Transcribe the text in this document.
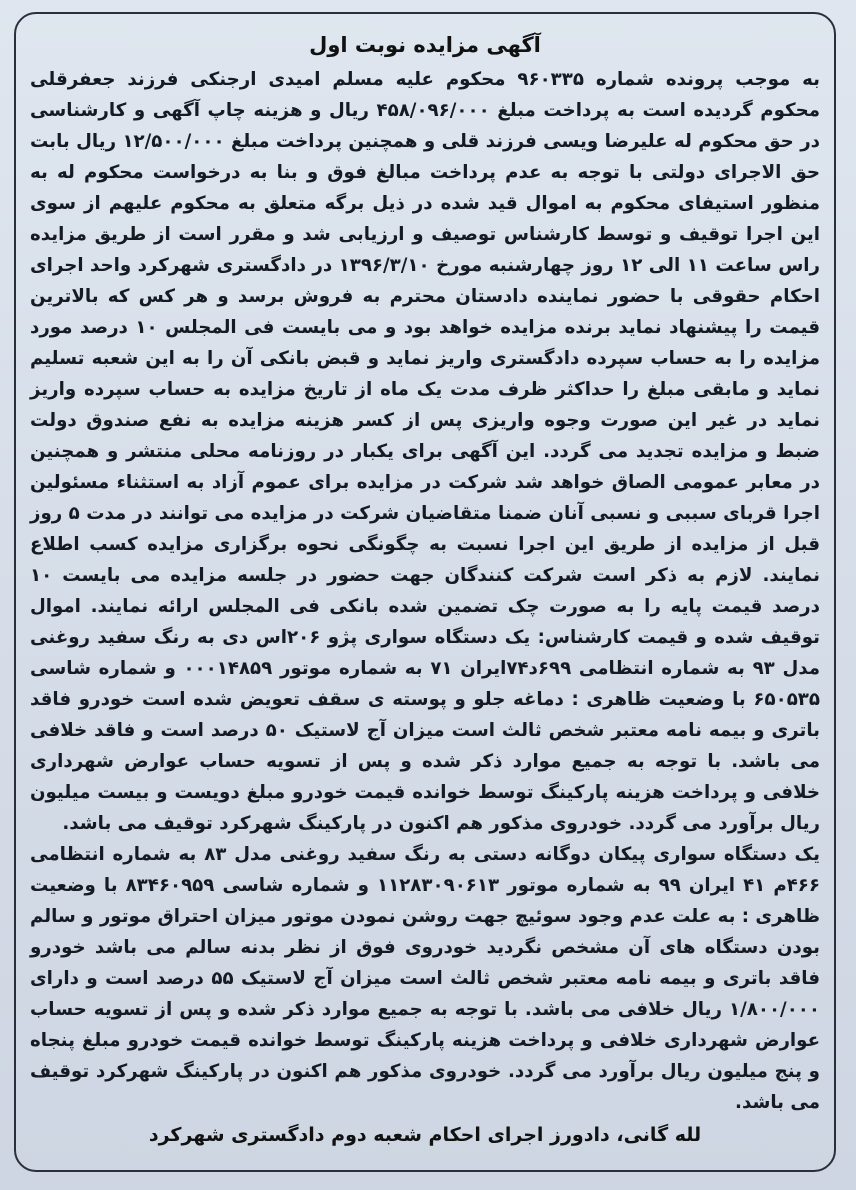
آگهی مزایده نوبت اول

به موجب پرونده شماره ۹۶۰۳۳۵ محکوم علیه مسلم امیدی ارجنکی فرزند جعفرقلی محکوم گردیده است به پرداخت مبلغ ۴۵۸/۰۹۶/۰۰۰ ریال و هزینه چاپ آگهی و کارشناسی در حق محکوم له علیرضا ویسی فرزند قلی و همچنین پرداخت مبلغ ۱۲/۵۰۰/۰۰۰ ریال بابت حق الاجرای دولتی با توجه به عدم پرداخت مبالغ فوق و بنا به درخواست محکوم له به منظور استیفای محکوم به اموال قید شده در ذیل برگه متعلق به محکوم علیهم از سوی این اجرا توقیف و توسط کارشناس توصیف و ارزیابی شد و مقرر است از طریق مزایده راس ساعت ۱۱ الی ۱۲ روز چهارشنبه مورخ ۱۳۹۶/۳/۱۰ در دادگستری شهرکرد واحد اجرای احکام حقوقی با حضور نماینده دادستان محترم به فروش برسد و هر کس که بالاترین قیمت را پیشنهاد نماید برنده مزایده خواهد بود و می بایست فی المجلس ۱۰ درصد مورد مزایده را به حساب سپرده دادگستری واریز نماید و قبض بانکی آن را به این شعبه تسلیم نماید و مابقی مبلغ را حداکثر ظرف مدت یک ماه از تاریخ مزایده به حساب سپرده واریز نماید در غیر این صورت وجوه واریزی پس از کسر هزینه مزایده به نفع صندوق دولت ضبط و مزایده تجدید می گردد. این آگهی برای یکبار در روزنامه محلی منتشر و همچنین در معابر عمومی الصاق خواهد شد شرکت در مزایده برای عموم آزاد به استثناء مسئولین اجرا قربای سببی و نسبی آنان ضمنا متقاضیان شرکت در مزایده می توانند در مدت ۵ روز قبل از مزایده از طریق این اجرا نسبت به چگونگی نحوه برگزاری مزایده کسب اطلاع نمایند. لازم به ذکر است شرکت کنندگان جهت حضور در جلسه مزایده می بایست ۱۰ درصد قیمت پایه را به صورت چک تضمین شده بانکی فی المجلس ارائه نمایند. اموال توقیف شده و قیمت کارشناس: یک دستگاه سواری پژو ۲۰۶اس دی به رنگ سفید روغنی مدل ۹۳ به شماره انتظامی ۶۹۹د۷۴ایران ۷۱ به شماره موتور ۰۰۰۱۴۸۵۹ و شماره شاسی ۶۵۰۵۳۵ با وضعیت ظاهری : دماغه جلو و پوسته ی سقف تعویض شده است خودرو فاقد باتری و بیمه نامه معتبر شخص ثالث است میزان آج لاستیک ۵۰ درصد است و فاقد خلافی می باشد. با توجه به جمیع موارد ذکر شده و پس از تسویه حساب عوارض شهرداری خلافی و پرداخت هزینه پارکینگ توسط خوانده قیمت خودرو مبلغ دویست و بیست میلیون ریال برآورد می گردد. خودروی مذکور هم اکنون در پارکینگ شهرکرد توقیف می باشد.
یک دستگاه سواری پیکان دوگانه دستی به رنگ سفید روغنی مدل ۸۳ به شماره انتظامی ۴۶۶م ۴۱ ایران ۹۹ به شماره موتور ۱۱۲۸۳۰۹۰۶۱۳ و شماره شاسی ۸۳۴۶۰۹۵۹ با وضعیت ظاهری : به علت عدم وجود سوئیچ جهت روشن نمودن موتور میزان احتراق موتور و سالم بودن دستگاه های آن مشخص نگردید خودروی فوق از نظر بدنه سالم می باشد خودرو فاقد باتری و بیمه نامه معتبر شخص ثالث است میزان آج لاستیک ۵۵ درصد است و دارای ۱/۸۰۰/۰۰۰ ریال خلافی می باشد. با توجه به جمیع موارد ذکر شده و پس از تسویه حساب عوارض شهرداری خلافی و پرداخت هزینه پارکینگ توسط خوانده قیمت خودرو مبلغ پنجاه و پنج میلیون ریال برآورد می گردد. خودروی مذکور هم اکنون در پارکینگ شهرکرد توقیف می باشد.

لله گانی، دادورز اجرای احکام شعبه دوم دادگستری شهرکرد
